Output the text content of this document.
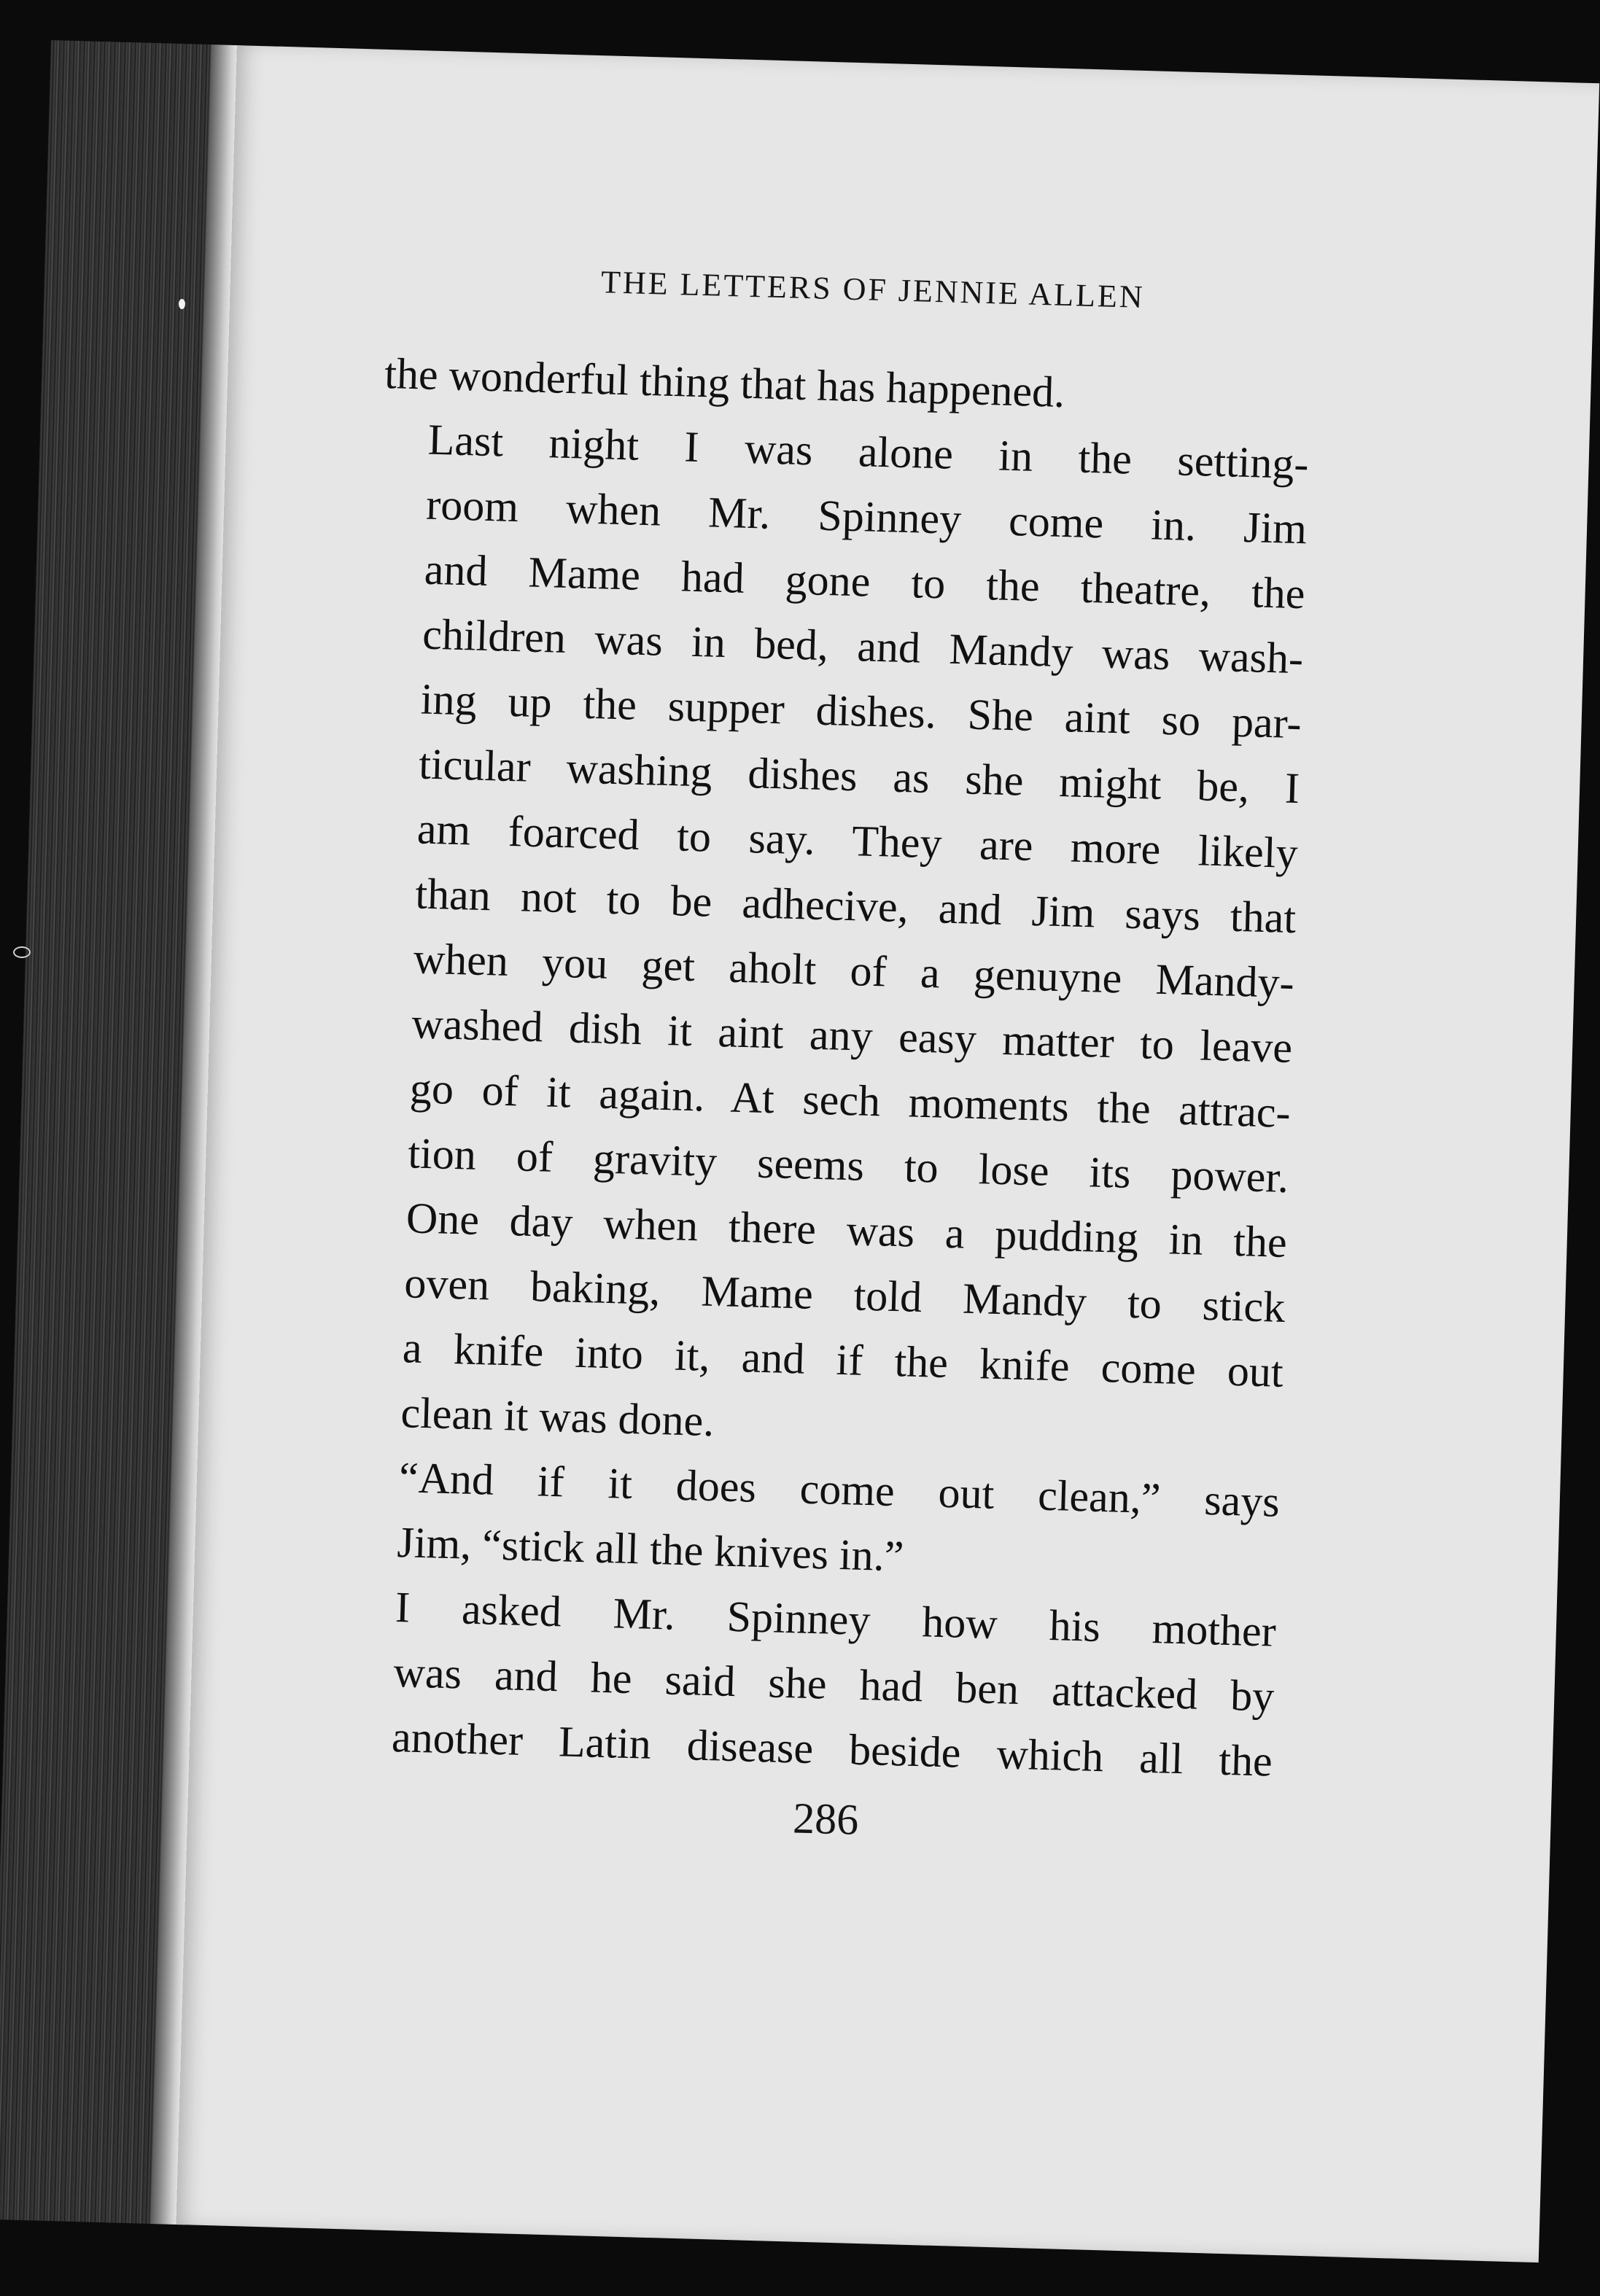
THE LETTERS OF JENNIE ALLEN

the wonderful thing that has happened.

Last night I was alone in the setting-
room when Mr. Spinney come in. Jim
and Mame had gone to the theatre, the
children was in bed, and Mandy was wash-
ing up the supper dishes. She aint so par-
ticular washing dishes as she might be, I
am foarced to say. They are more likely
than not to be adhecive, and Jim says that
when you get aholt of a genuyne Mandy-
washed dish it aint any easy matter to leave
go of it again. At sech moments the attrac-
tion of gravity seems to lose its power.
One day when there was a pudding in the
oven baking, Mame told Mandy to stick
a knife into it, and if the knife come out
clean it was done.

“And if it does come out clean,” says
Jim, “stick all the knives in.”

I asked Mr. Spinney how his mother
was and he said she had ben attacked by
another Latin disease beside which all the

286
